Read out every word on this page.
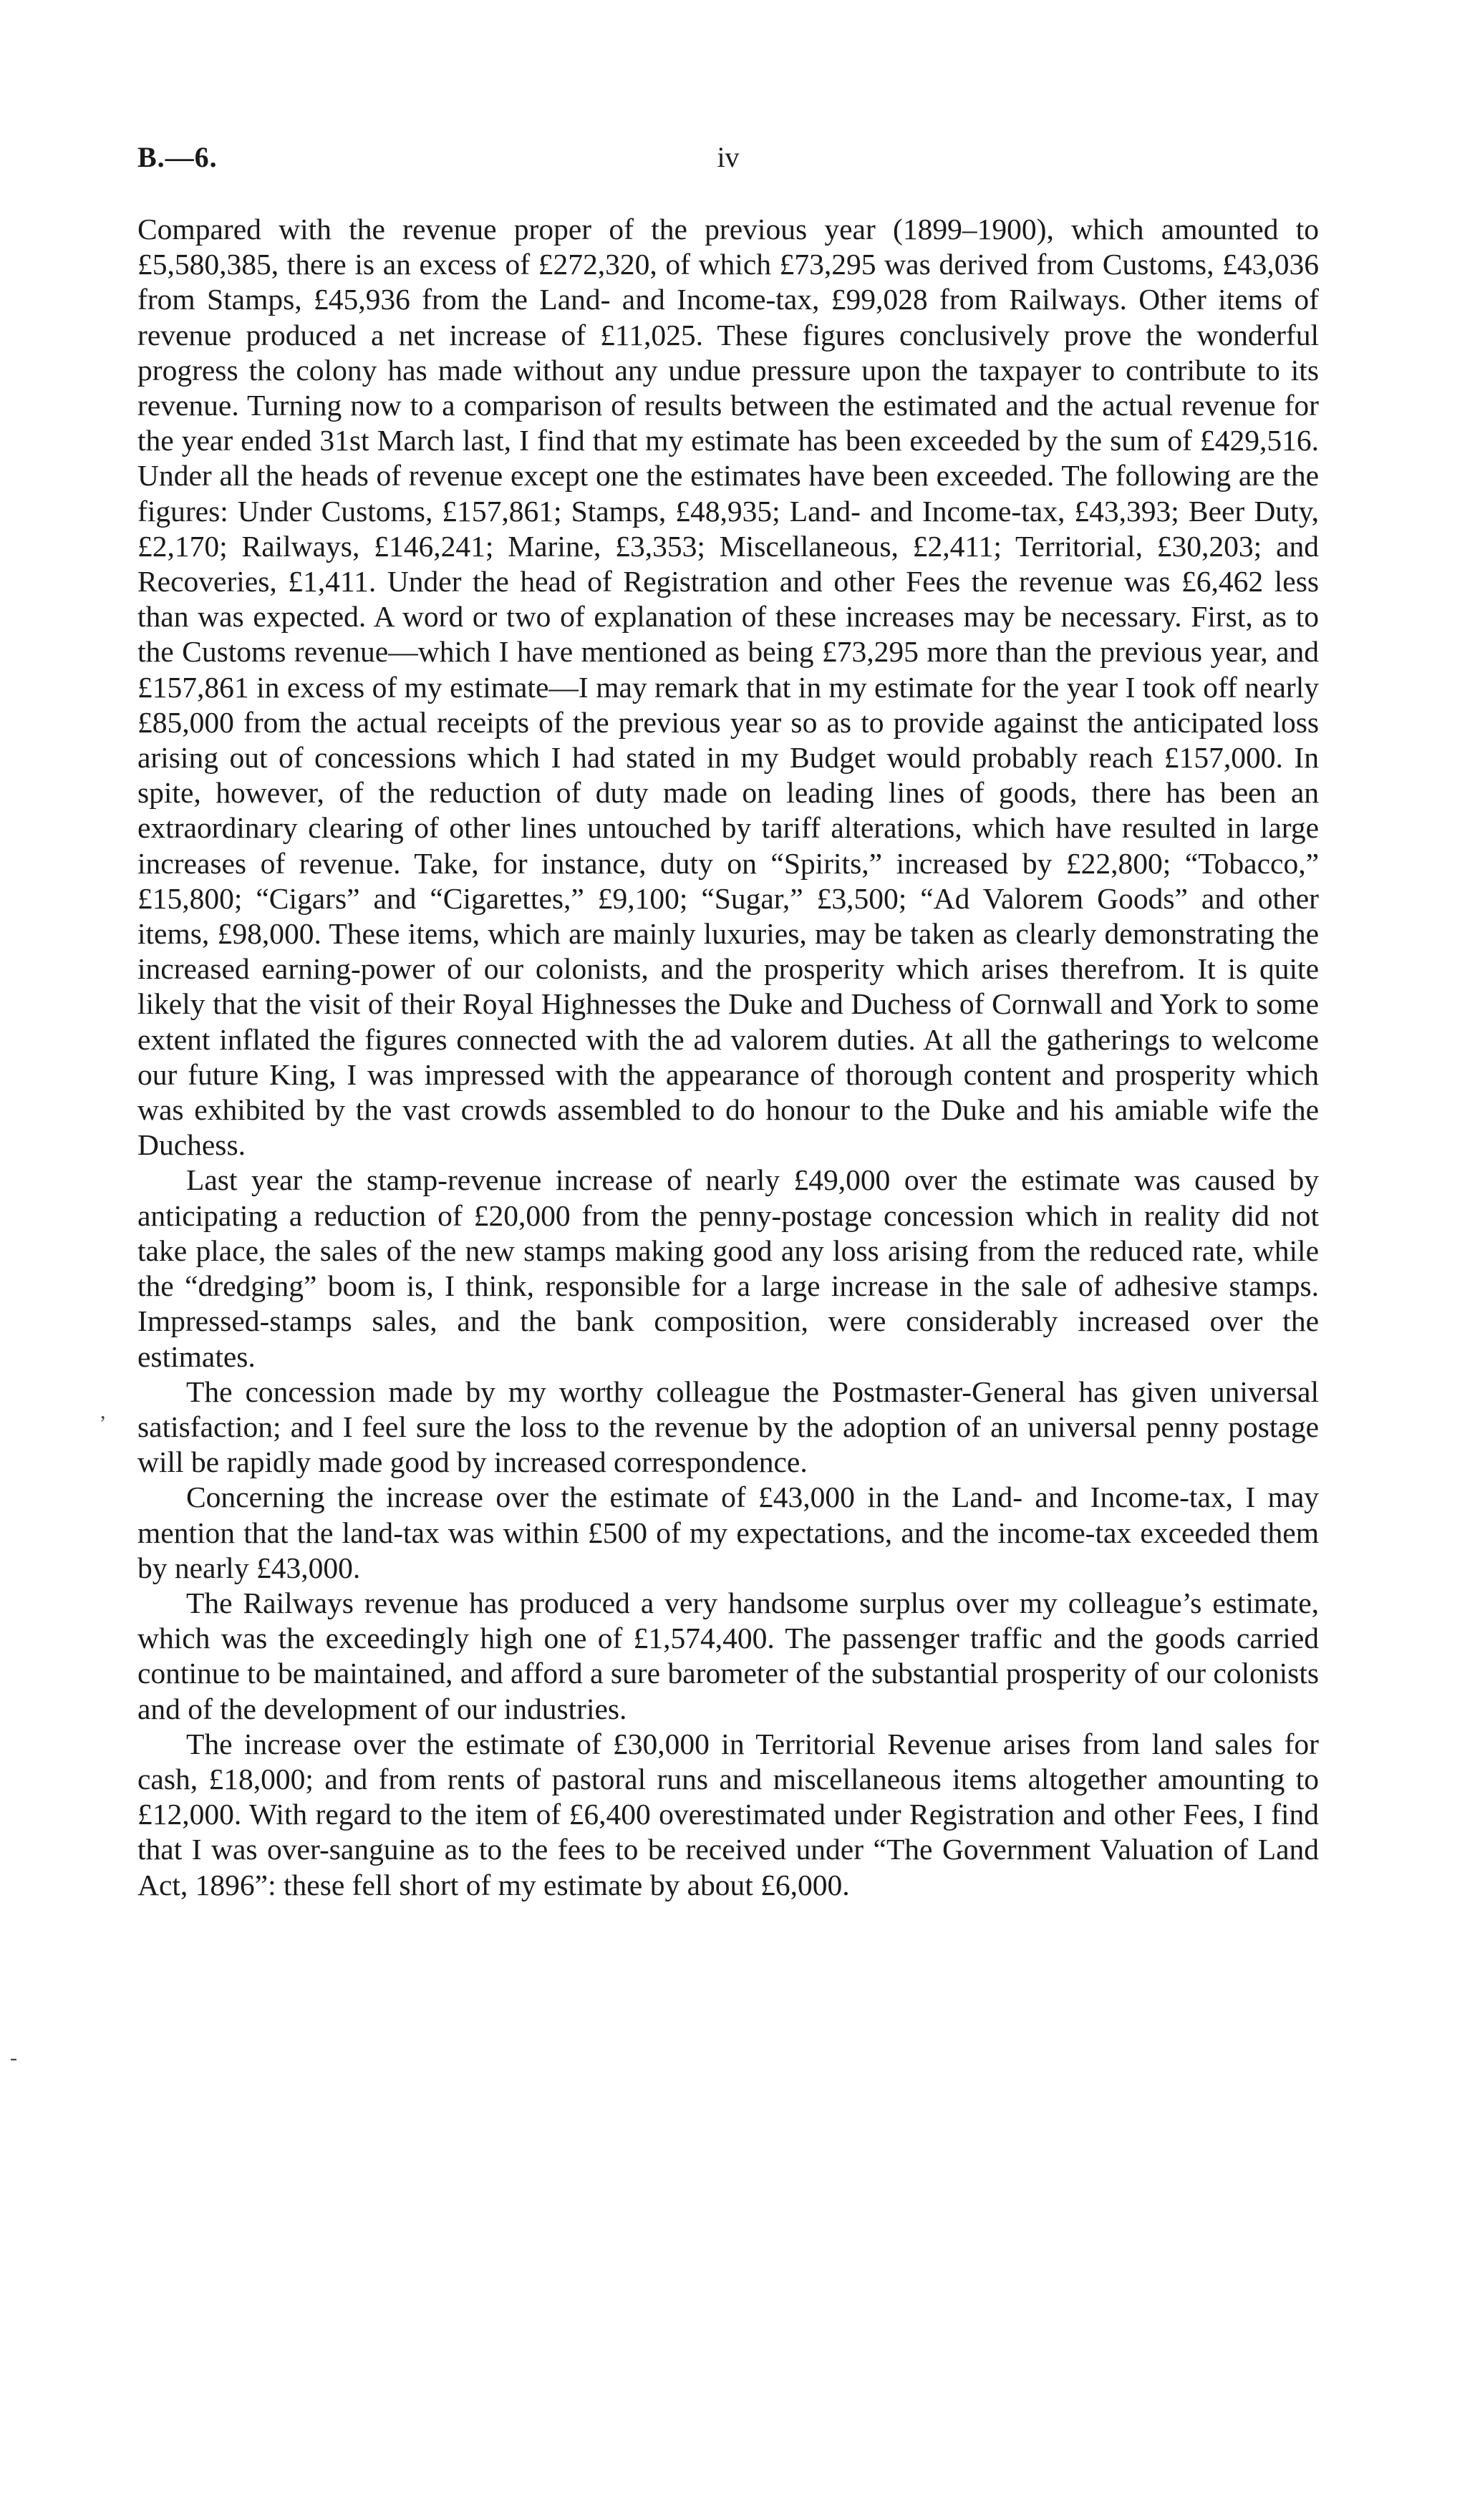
B.—6.	iv

Compared with the revenue proper of the previous year (1899–1900), which amounted to £5,580,385, there is an excess of £272,320, of which £73,295 was derived from Customs, £43,036 from Stamps, £45,936 from the Land- and Income-tax, £99,028 from Railways. Other items of revenue produced a net increase of £11,025. These figures conclusively prove the wonderful progress the colony has made without any undue pressure upon the taxpayer to contribute to its revenue. Turning now to a comparison of results between the estimated and the actual revenue for the year ended 31st March last, I find that my estimate has been exceeded by the sum of £429,516. Under all the heads of revenue except one the estimates have been exceeded. The following are the figures: Under Customs, £157,861; Stamps, £48,935; Land- and Income-tax, £43,393; Beer Duty, £2,170; Railways, £146,241; Marine, £3,353; Miscellaneous, £2,411; Territorial, £30,203; and Recoveries, £1,411. Under the head of Registration and other Fees the revenue was £6,462 less than was expected. A word or two of explanation of these increases may be necessary. First, as to the Customs revenue—which I have mentioned as being £73,295 more than the previous year, and £157,861 in excess of my estimate—I may remark that in my estimate for the year I took off nearly £85,000 from the actual receipts of the previous year so as to provide against the anticipated loss arising out of concessions which I had stated in my Budget would probably reach £157,000. In spite, however, of the reduction of duty made on leading lines of goods, there has been an extraordinary clearing of other lines untouched by tariff alterations, which have resulted in large increases of revenue. Take, for instance, duty on “Spirits,” increased by £22,800; “Tobacco,” £15,800; “Cigars” and “Cigarettes,” £9,100; “Sugar,” £3,500; “Ad Valorem Goods” and other items, £98,000. These items, which are mainly luxuries, may be taken as clearly demonstrating the increased earning-power of our colonists, and the prosperity which arises therefrom. It is quite likely that the visit of their Royal Highnesses the Duke and Duchess of Cornwall and York to some extent inflated the figures connected with the ad valorem duties. At all the gatherings to welcome our future King, I was impressed with the appearance of thorough content and prosperity which was exhibited by the vast crowds assembled to do honour to the Duke and his amiable wife the Duchess.

Last year the stamp-revenue increase of nearly £49,000 over the estimate was caused by anticipating a reduction of £20,000 from the penny-postage concession which in reality did not take place, the sales of the new stamps making good any loss arising from the reduced rate, while the “dredging” boom is, I think, responsible for a large increase in the sale of adhesive stamps. Impressed-stamps sales, and the bank composition, were considerably increased over the estimates.

The concession made by my worthy colleague the Postmaster-General has given universal satisfaction; and I feel sure the loss to the revenue by the adoption of an universal penny postage will be rapidly made good by increased correspondence.

Concerning the increase over the estimate of £43,000 in the Land- and Income-tax, I may mention that the land-tax was within £500 of my expectations, and the income-tax exceeded them by nearly £43,000.

The Railways revenue has produced a very handsome surplus over my colleague’s estimate, which was the exceedingly high one of £1,574,400. The passenger traffic and the goods carried continue to be maintained, and afford a sure barometer of the substantial prosperity of our colonists and of the development of our industries.

The increase over the estimate of £30,000 in Territorial Revenue arises from land sales for cash, £18,000; and from rents of pastoral runs and miscellaneous items altogether amounting to £12,000. With regard to the item of £6,400 overestimated under Registration and other Fees, I find that I was over-sanguine as to the fees to be received under “The Government Valuation of Land Act, 1896”: these fell short of my estimate by about £6,000.

,
-
